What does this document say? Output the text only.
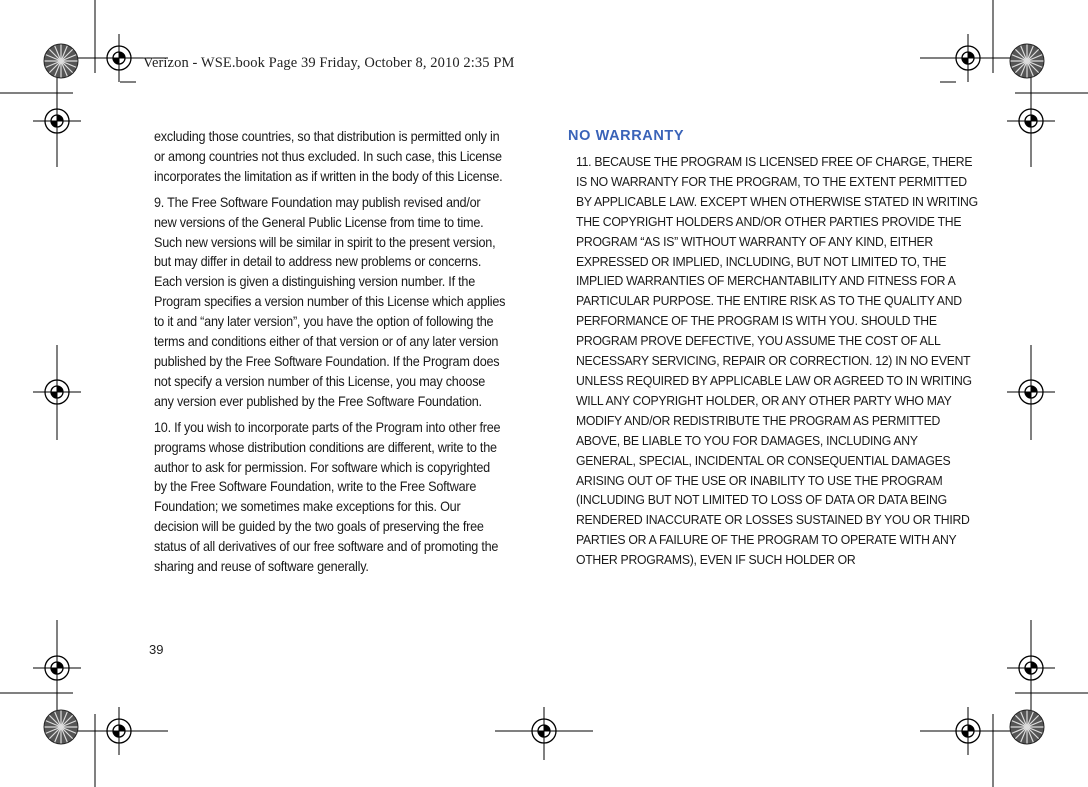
Verizon - WSE.book Page 39 Friday, October 8, 2010 2:35 PM

excluding those countries, so that distribution is permitted only in or among countries not thus excluded. In such case, this License incorporates the limitation as if written in the body of this License.

9. The Free Software Foundation may publish revised and/or new versions of the General Public License from time to time. Such new versions will be similar in spirit to the present version, but may differ in detail to address new problems or concerns. Each version is given a distinguishing version number. If the Program specifies a version number of this License which applies to it and “any later version”, you have the option of following the terms and conditions either of that version or of any later version published by the Free Software Foundation. If the Program does not specify a version number of this License, you may choose any version ever published by the Free Software Foundation.

10. If you wish to incorporate parts of the Program into other free programs whose distribution conditions are different, write to the author to ask for permission. For software which is copyrighted by the Free Software Foundation, write to the Free Software Foundation; we sometimes make exceptions for this. Our decision will be guided by the two goals of preserving the free status of all derivatives of our free software and of promoting the sharing and reuse of software generally.

NO WARRANTY
11. BECAUSE THE PROGRAM IS LICENSED FREE OF CHARGE, THERE IS NO WARRANTY FOR THE PROGRAM, TO THE EXTENT PERMITTED BY APPLICABLE LAW. EXCEPT WHEN OTHERWISE STATED IN WRITING THE COPYRIGHT HOLDERS AND/OR OTHER PARTIES PROVIDE THE PROGRAM “AS IS” WITHOUT WARRANTY OF ANY KIND, EITHER EXPRESSED OR IMPLIED, INCLUDING, BUT NOT LIMITED TO, THE IMPLIED WARRANTIES OF MERCHANTABILITY AND FITNESS FOR A PARTICULAR PURPOSE. THE ENTIRE RISK AS TO THE QUALITY AND PERFORMANCE OF THE PROGRAM IS WITH YOU. SHOULD THE PROGRAM PROVE DEFECTIVE, YOU ASSUME THE COST OF ALL NECESSARY SERVICING, REPAIR OR CORRECTION. 12) IN NO EVENT UNLESS REQUIRED BY APPLICABLE LAW OR AGREED TO IN WRITING WILL ANY COPYRIGHT HOLDER, OR ANY OTHER PARTY WHO MAY MODIFY AND/OR REDISTRIBUTE THE PROGRAM AS PERMITTED ABOVE, BE LIABLE TO YOU FOR DAMAGES, INCLUDING ANY GENERAL, SPECIAL, INCIDENTAL OR CONSEQUENTIAL DAMAGES ARISING OUT OF THE USE OR INABILITY TO USE THE PROGRAM (INCLUDING BUT NOT LIMITED TO LOSS OF DATA OR DATA BEING RENDERED INACCURATE OR LOSSES SUSTAINED BY YOU OR THIRD PARTIES OR A FAILURE OF THE PROGRAM TO OPERATE WITH ANY OTHER PROGRAMS), EVEN IF SUCH HOLDER OR
39
